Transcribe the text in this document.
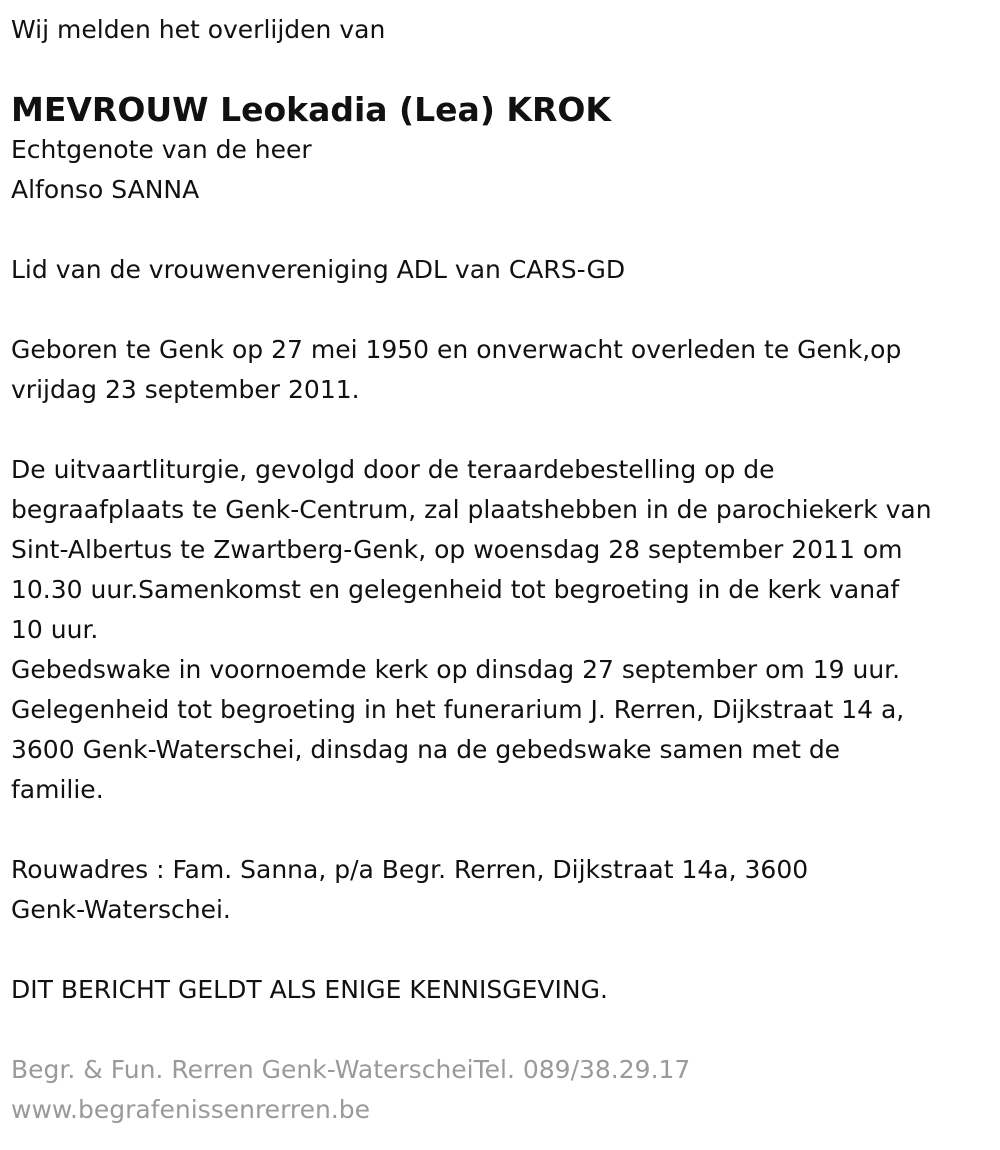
Wij melden het overlijden van

MEVROUW Leokadia (Lea) KROK

Echtgenote van de heer

Alfonso SANNA

Lid van de vrouwenvereniging ADL van CARS-GD

Geboren te Genk op 27 mei 1950 en onverwacht overleden te Genk,op

vrijdag 23 september 2011.

De uitvaartliturgie, gevolgd door de teraardebestelling op de

begraafplaats te Genk-Centrum, zal plaatshebben in de parochiekerk van

Sint-Albertus te Zwartberg-Genk, op woensdag 28 september 2011 om

10.30 uur.Samenkomst en gelegenheid tot begroeting in de kerk vanaf

10 uur.

Gebedswake in voornoemde kerk op dinsdag 27 september om 19 uur.

Gelegenheid tot begroeting in het funerarium J. Rerren, Dijkstraat 14 a,

3600 Genk-Waterschei, dinsdag na de gebedswake samen met de

familie.

Rouwadres : Fam. Sanna, p/a Begr. Rerren, Dijkstraat 14a, 3600

Genk-Waterschei.

DIT BERICHT GELDT ALS ENIGE KENNISGEVING.

Begr. & Fun. Rerren Genk-WaterscheiTel. 089/38.29.17

www.begrafenissenrerren.be
